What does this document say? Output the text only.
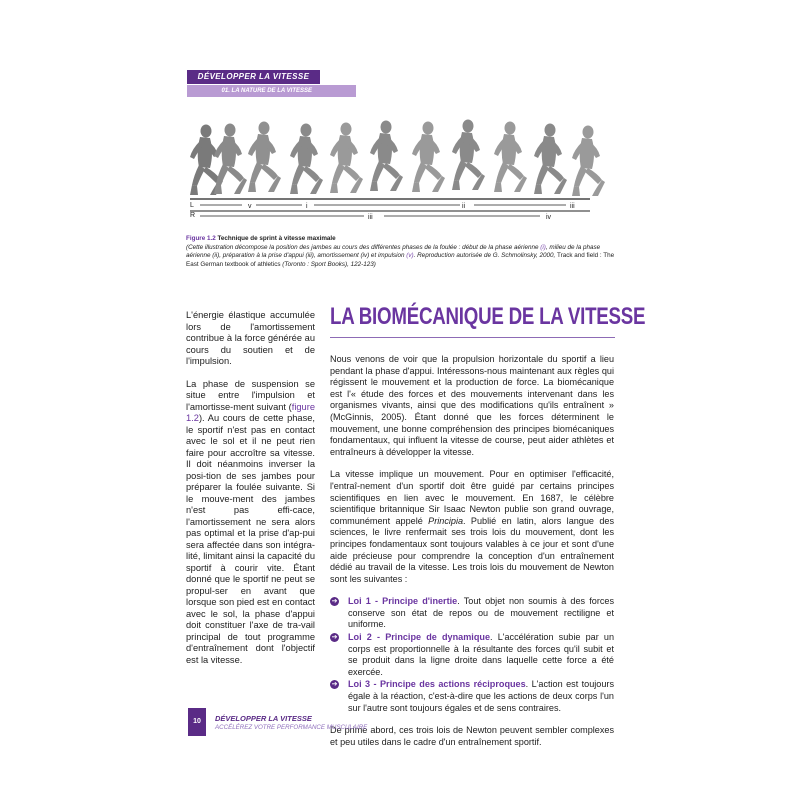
DÉVELOPPER LA VITESSE
01. LA NATURE DE LA VITESSE
L
R
v	i	ii	iii
iii	iv
Figure 1.2 Technique de sprint à vitesse maximale
(Cette illustration décompose la position des jambes au cours des différentes phases de la foulée : début de la phase aérienne (i), milieu de la phase aérienne (ii), préparation à la prise d'appui (iii), amortissement (iv) et impulsion (v). Reproduction autorisée de G. Schmolinsky, 2000, Track and field : The East German textbook of athletics (Toronto : Sport Books), 122-123)

L'énergie élastique accumulée lors de l'amortissement contribue à la force générée au cours du soutien et de l'impulsion.

La phase de suspension se situe entre l'impulsion et l'amortisse-ment suivant (figure 1.2). Au cours de cette phase, le sportif n'est pas en contact avec le sol et il ne peut rien faire pour accroître sa vitesse. Il doit néanmoins inverser la posi-tion de ses jambes pour préparer la foulée suivante. Si le mouve-ment des jambes n'est pas effi-cace, l'amortissement ne sera alors pas optimal et la prise d'ap-pui sera affectée dans son intégra-lité, limitant ainsi la capacité du sportif à courir vite. Étant donné que le sportif ne peut se propul-ser en avant que lorsque son pied est en contact avec le sol, la phase d'appui doit constituer l'axe de tra-vail principal de tout programme d'entraînement dont l'objectif est la vitesse.

LA BIOMÉCANIQUE DE LA VITESSE

Nous venons de voir que la propulsion horizontale du sportif a lieu pendant la phase d'appui. Intéressons-nous maintenant aux règles qui régissent le mouvement et la production de force. La biomécanique est l'« étude des forces et des mouvements intervenant dans les organismes vivants, ainsi que des modifications qu'ils entraînent » (McGinnis, 2005). Étant donné que les forces déterminent le mouvement, une bonne compréhension des principes biomécaniques fondamentaux, qui influent la vitesse de course, peut aider athlètes et entraîneurs à développer la vitesse.

La vitesse implique un mouvement. Pour en optimiser l'efficacité, l'entraî-nement d'un sportif doit être guidé par certains principes scientifiques en lien avec le mouvement. En 1687, le célèbre scientifique britannique Sir Isaac Newton publie son grand ouvrage, communément appelé Principia. Publié en latin, alors langue des sciences, le livre renfermait ses trois lois du mouvement, dont les principes fondamentaux sont toujours valables à ce jour et sont d'une aide précieuse pour comprendre la conception d'un entraînement dédié au travail de la vitesse. Les trois lois du mouvement de Newton sont les suivantes :

➔ Loi 1 - Principe d'inertie. Tout objet non soumis à des forces conserve son état de repos ou de mouvement rectiligne et uniforme.
➔ Loi 2 - Principe de dynamique. L'accélération subie par un corps est proportionnelle à la résultante des forces qu'il subit et se produit dans la ligne droite dans laquelle cette force a été exercée.
➔ Loi 3 - Principe des actions réciproques. L'action est toujours égale à la réaction, c'est-à-dire que les actions de deux corps l'un sur l'autre sont toujours égales et de sens contraires.

De prime abord, ces trois lois de Newton peuvent sembler complexes et peu utiles dans le cadre d'un entraînement sportif.

10	DÉVELOPPER LA VITESSE
ACCÉLÉREZ VOTRE PERFORMANCE MUSCULAIRE
